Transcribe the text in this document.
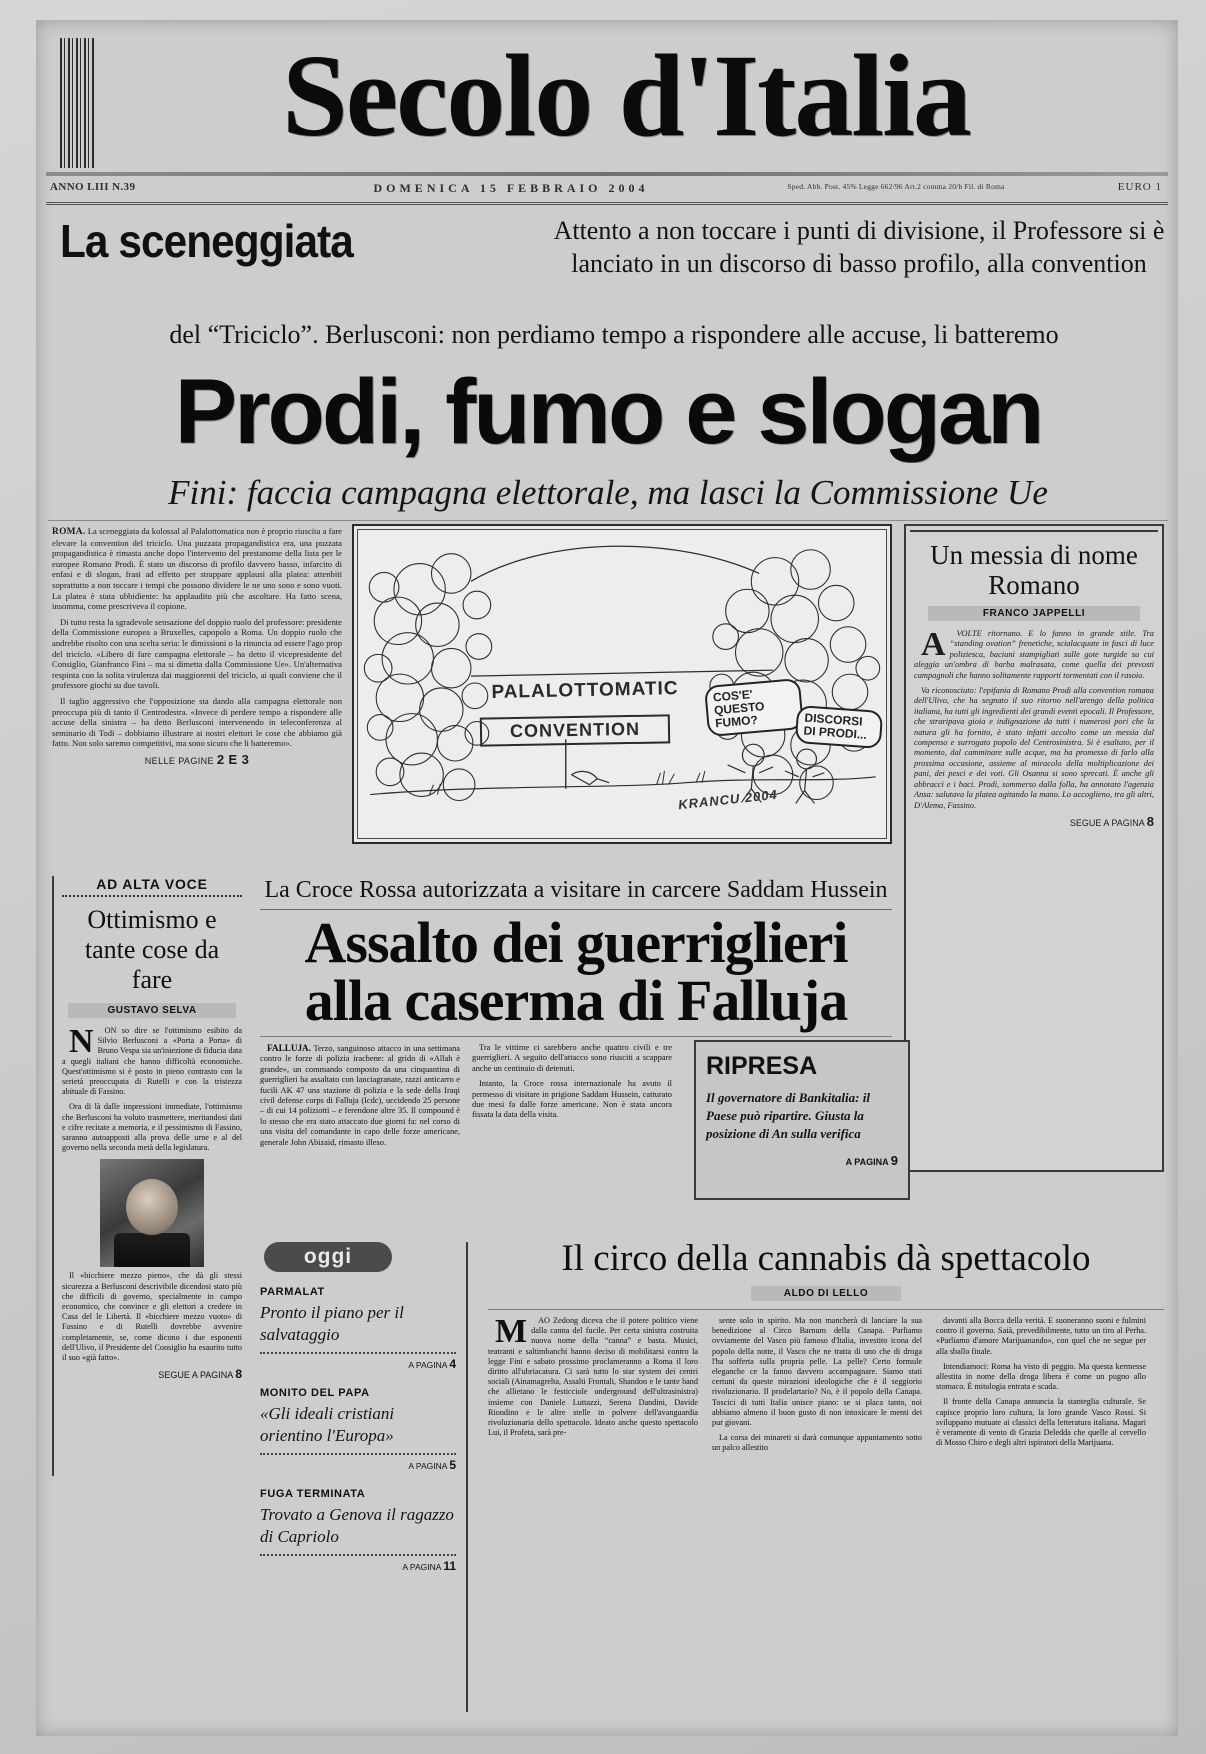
Secolo d'Italia
ANNO LIII N.39	DOMENICA 15 FEBBRAIO 2004	Sped. Abb. Post. 45% Legge 662/96 Art.2 comma 20/b Fil. di Roma	EURO 1
La sceneggiata	Attento a non toccare i punti di divisione, il Professore si è lanciato in un discorso di basso profilo, alla convention
del “Triciclo”. Berlusconi: non perdiamo tempo a rispondere alle accuse, li batteremo
Prodi, fumo e slogan
Fini: faccia campagna elettorale, ma lasci la Commissione Ue

ROMA. La sceneggiata da kolossal al Palalottomatica non è proprio riuscita a fare elevare la convention del triciclo. Una puzzata propagandistica era, una puzzata propagandistica è rimasta anche dopo l'intervento del prestanome della lista per le europee Romano Prodi. È stato un discorso di profilo davvero basso, infarcito di enfasi e di slogan, frasi ad effetto per strappare applausi alla platea: attenbiti soprattutto a non toccare i tempi che possono dividere le ne uno sono e sono vuoti. La platea è stata ubbidiente: ha applaudito più che ascoltare. Ha fatto scena, insomma, come prescriveva il copione.

Di tutto resta la sgradevole sensazione del doppio ruolo del professore: presidente della Commissione europea a Bruxelles, capopolo a Roma. Un doppio ruolo che andrebbe risolto con una scelta seria: le dimissioni o la rinuncia ad essere l'ago prop del triciclo. «Libero di fare campagna elettorale – ha detto il vicepresidente del Consiglio, Gianfranco Fini – ma si dimetta dalla Commissione Ue». Un'alternativa respinta con la solita virulenza dai maggiorenti del triciclo, ai quali conviene che il professore giochi su due tavoli.

Il taglio aggressivo che l'opposizione sta dando alla campagna elettorale non preoccupa più di tanto il Centrodestra. «Invece di perdere tempo a rispondere alle accuse della sinistra – ha detto Berlusconi intervenendo in teleconferenza al seminario di Todi – dobbiamo illustrare ai nostri elettori le cose che abbiamo già fatto. Non solo saremo competitivi, ma sono sicuro che li batteremo».

NELLE PAGINE 2 E 3
PALALOTTOMATIC
CONVENTION
COS'E' QUESTO FUMO?	DISCORSI DI PRODI...
KRANCU 2004
Un messia di nome Romano
FRANCO JAPPELLI

A	VOLTE ritornano. E lo fanno in grande stile. Tra “standing ovation” frenetiche, scialacquate in fasci di luce poliziesca, baciuni stampigliati sulle gote turgide su cui aleggia un'ombra di barba malrasata, come quella dei prevosti campagnoli che hanno solitamente rapporti tormentati con il rasoio.

Va riconosciuto: l'epifania di Romano Prodi alla convention romana dell'Ulivo, che ha segnato il suo ritorno nell'arengo della politica italiana, ha tutti gli ingredienti dei grandi eventi epocali. Il Professore, che straripava gioia e indignazione da tutti i numerosi pori che la natura gli ha fornito, è stato infatti accolto come un messia dal compenso e surrogato popolo del Centrosinistra. Si è esaltato, per il momento, dal camminare sulle acque, ma ha promesso di farlo alla prossima occasione, assieme al miracolo della moltiplicazione dei pani, dei pesci e dei voti. Gli Osanna si sono sprecati. È anche gli abbracci e i baci. Prodi, sommerso dalla folla, ha annotato l'agenzia Ansa: salutava la platea agitando la mano. Lo accoglieno, tra gli altri, D'Alema, Fassino.

SEGUE A PAGINA 8
AD ALTA VOCE
Ottimismo e tante cose da fare
GUSTAVO SELVA

N	ON so dire se l'ottimismo esibito da Silvio Berlusconi a «Porta a Porta» di Bruno Vespa sia un'iniezione di fiducia data a quegli italiani che hanno difficoltà economiche. Quest'ottimismo si è posto in pieno contrasto con la serietà preoccupata di Rutelli e con la tristezza abituale di Fassino.

Ora di là dalle impressioni immediate, l'ottimismo che Berlusconi ha voluto trasmettere, meritandosi dati e cifre recitate a memoria, e il pessimismo di Fassino, saranno autoapposti alla prova delle urne e al del governo nella seconda metà della legislatura.

Il «bicchiere mezzo pieno», che dà gli stessi sicurezza a Berlusconi descrivibile dicendosi stato più che difficili di governo, specialmente in campo economico, che convince e gli elettori a credere in Casa del le Libertà. Il «bicchiere mezzo vuoto» di Fassino e di Rutelli dovrebbe avvenire completamente, se, come dicono i due esponenti dell'Ulivo, il Presidente del Consiglio ha esaurito tutto il suo «già fatto».

SEGUE A PAGINA 8
La Croce Rossa autorizzata a visitare in carcere Saddam Hussein
Assalto dei guerriglieri alla caserma di Falluja

FALLUJA. Terzo, sanguinoso attacco in una settimana contro le forze di polizia irachene: al grido di «Allah è grande», un commando composto da una cinquantina di guerriglieri ha assaltato con lanciagranate, razzi anticarro e fucili AK 47 una stazione di polizia e la sede della Iraqi civil defense corps di Falluja (Icdc), uccidendo 25 persone – di cui 14 poliziotti – e ferendone altre 35. Il compound è lo stesso che era stato attaccato due giorni fa: nel corso di una visita del comandante in capo delle forze americane, generale John Abizaid, rimasto illeso.

Tra le vittime ci sarebbero anche quattro civili e tre guerriglieri. A seguito dell'attacco sono riusciti a scappare anche un centinaio di detenuti.

Intanto, la Croce rossa internazionale ha avuto il permesso di visitare in prigione Saddam Hussein, catturato due mesi fa dalle forze americane. Non è stata ancora fissata la data della visita.

RIPRESA

Il governatore di Bankitalia: il Paese può ripartire. Giusta la posizione di An sulla verifica

A PAGINA 9
oggi
PARMALAT
Pronto il piano per il salvataggio
A PAGINA 4
MONITO DEL PAPA
«Gli ideali cristiani orientino l'Europa»
A PAGINA 5
FUGA TERMINATA
Trovato a Genova il ragazzo di Capriolo
A PAGINA 11
Il circo della cannabis dà spettacolo
ALDO DI LELLO

M	AO Zedong diceva che il potere politico viene dalla canna del fucile. Per certa sinistra costruita nuova nome della “canna” e basta. Musici, teatranti e saltimbanchi hanno deciso di mobilitarsi contro la legge Fini e sabato prossimo proclameranno a Roma il loro diritto all'ubriacatura. Ci sarà tutto lo star system dei centri sociali (Ainamagrelta, Assalti Frontali, Shandon e le tante band che allietano le festicciole underground dell'ultrasinistra) insieme con Daniele Luttazzi, Serena Dandini, Davide Riondino e le altre stelle in polvere dell'avanguardia rivoluzionaria dello spettacolo. Ideato anche questo spettacolo Lui, il Profeta, sarà pre-

sente solo in spirito. Ma non mancherà di lanciare la sua benedizione al Circo Barnum della Canapa. Parliamo ovviamente del Vasco più famoso d'Italia, investito icona del popolo della notte, il Vasco che ne tratta di uno che di droga l'ha sofferta sulla propria pelle. La pelle? Certo formule eleganche ce la fanno davvero accampagnare. Siamo stati certuni da queste mirazioni ideologiche che è il seggiorio rivoluzionario. Il prodelartario? No, è il popolo della Canapa. Toscici di tutti Italia unisce piano: se si placa tanto, noi abbiamo almeno il buon gusto di non intoxicare le menti dei pur giovani.

La corsa dei minareti si darà comunque appuntamento sotto un palco allestito

davanti alla Bocca della verità. E suoneranno suoni e fulmini contro il governo. Saià, prevedibilmente, tutto un tiro al Perha. «Parliamo d'amore Marijuanando», con quel che ne segue per alla sballo finale.

Intendiamoci: Roma ha visto di peggio. Ma questa kermesse allestita in nome della droga libera è come un pugno allo stomaco. È mitologia entrata e scada.

Il fronte della Canapa annuncia la stanteglia culturale. Se capisce proprio loro cultura, la loro grande Vasco Rossi. Si sviluppano mutuate ai classici della letteratura italiana. Magari è veramente di vento di Grazia Deledda che quelle al cervello di Mosso Chiro e degli altri ispiratori della Marijuana.
